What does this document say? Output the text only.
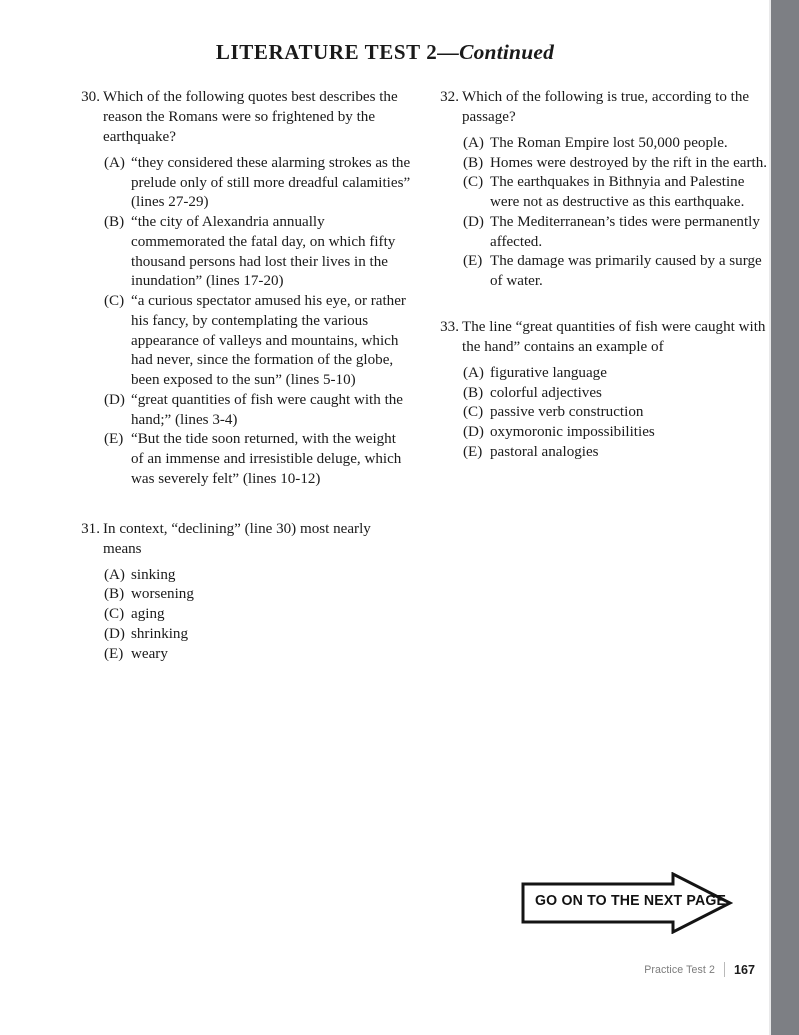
LITERATURE TEST 2—Continued
30. Which of the following quotes best describes the reason the Romans were so frightened by the earthquake?
(A) “they considered these alarming strokes as the prelude only of still more dreadful calamities” (lines 27-29)
(B) “the city of Alexandria annually commemorated the fatal day, on which fifty thousand persons had lost their lives in the inundation” (lines 17-20)
(C) “a curious spectator amused his eye, or rather his fancy, by contemplating the various appearance of valleys and mountains, which had never, since the formation of the globe, been exposed to the sun” (lines 5-10)
(D) “great quantities of fish were caught with the hand;” (lines 3-4)
(E) “But the tide soon returned, with the weight of an immense and irresistible deluge, which was severely felt” (lines 10-12)
31. In context, “declining” (line 30) most nearly means
(A) sinking
(B) worsening
(C) aging
(D) shrinking
(E) weary
32. Which of the following is true, according to the passage?
(A) The Roman Empire lost 50,000 people.
(B) Homes were destroyed by the rift in the earth.
(C) The earthquakes in Bithnyia and Palestine were not as destructive as this earthquake.
(D) The Mediterranean’s tides were permanently affected.
(E) The damage was primarily caused by a surge of water.
33. The line “great quantities of fish were caught with the hand” contains an example of
(A) figurative language
(B) colorful adjectives
(C) passive verb construction
(D) oxymoronic impossibilities
(E) pastoral analogies
GO ON TO THE NEXT PAGE
Practice Test 2 167
